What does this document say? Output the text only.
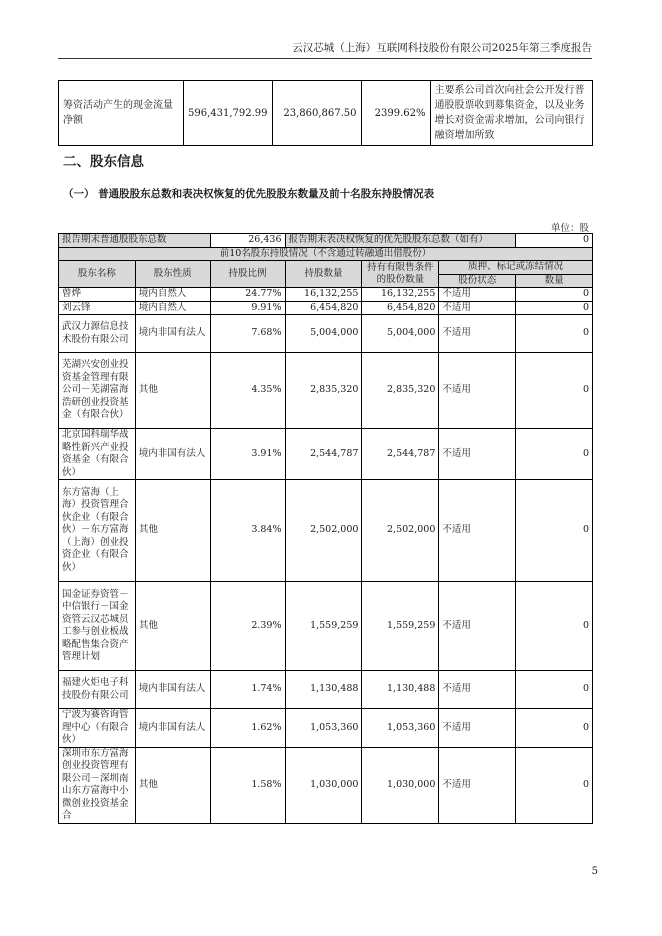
云汉芯城（上海）互联网科技股份有限公司2025年第三季度报告
筹资活动产生的现金流量净额	596,431,792.99	23,860,867.50	2399.62%	主要系公司首次向社会公开发行普通股股票收到募集资金，以及业务增长对资金需求增加，公司向银行融资增加所致
二、股东信息
（一） 普通股股东总数和表决权恢复的优先股股东数量及前十名股东持股情况表
单位：股
报告期末普通股股东总数		26,436	报告期末表决权恢复的优先股股东总数（如有）			0
前10名股东持股情况（不含通过转融通出借股份）						
股东名称	股东性质	持股比例	持股数量	持有有限售条件的股份数量	质押、标记或冻结情况	
					股份状态	数量
曾烨	境内自然人	24.77%	16,132,255	16,132,255	不适用	0
刘云锋	境内自然人	9.91%	6,454,820	6,454,820	不适用	0
武汉力源信息技术股份有限公司	境内非国有法人	7.68%	5,004,000	5,004,000	不适用	0
芜湖兴安创业投资基金管理有限公司－芜湖富海浩研创业投资基金（有限合伙）	其他	4.35%	2,835,320	2,835,320	不适用	0
北京国科瑞华战略性新兴产业投资基金（有限合伙）	境内非国有法人	3.91%	2,544,787	2,544,787	不适用	0
东方富海（上海）投资管理合伙企业（有限合伙）－东方富海（上海）创业投资企业（有限合伙）	其他	3.84%	2,502,000	2,502,000	不适用	0
国金证券资管－中信银行－国金资管云汉芯城员工参与创业板战略配售集合资产管理计划	其他	2.39%	1,559,259	1,559,259	不适用	0
福建火炬电子科技股份有限公司	境内非国有法人	1.74%	1,130,488	1,130,488	不适用	0
宁波为赛咨询管理中心（有限合伙）	境内非国有法人	1.62%	1,053,360	1,053,360	不适用	0
深圳市东方富海创业投资管理有限公司－深圳南山东方富海中小微创业投资基金合	其他	1.58%	1,030,000	1,030,000	不适用	0
5
